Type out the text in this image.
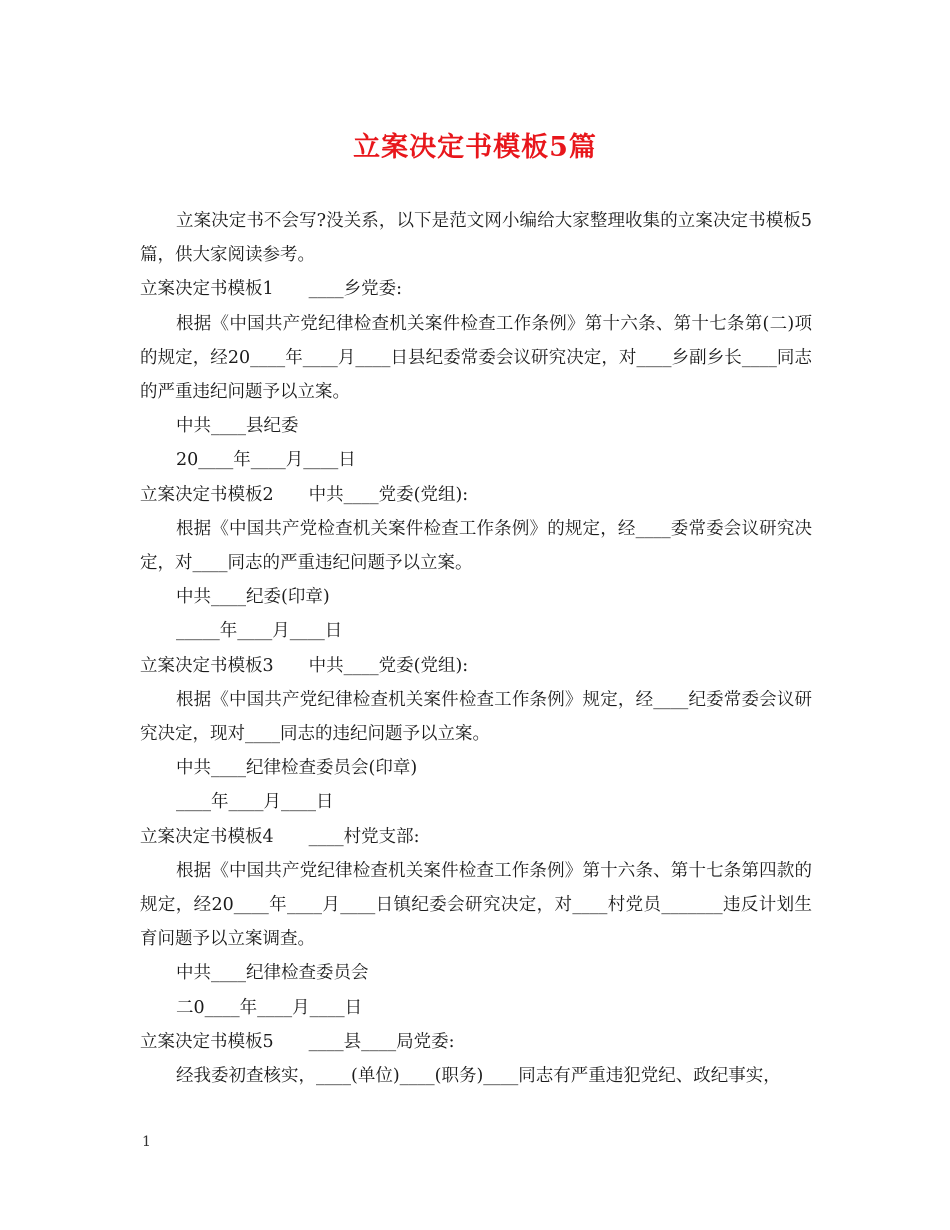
立案决定书模板5篇

立案决定书不会写?没关系，以下是范文网小编给大家整理收集的立案决定书模板5篇，供大家阅读参考。

立案决定书模板1　　____乡党委:

根据《中国共产党纪律检查机关案件检查工作条例》第十六条、第十七条第(二)项的规定，经20____年____月____日县纪委常委会议研究决定，对____乡副乡长____同志的严重违纪问题予以立案。

中共____县纪委

20____年____月____日

立案决定书模板2　　中共____党委(党组):

根据《中国共产党检查机关案件检查工作条例》的规定，经____委常委会议研究决定，对____同志的严重违纪问题予以立案。

中共____纪委(印章)

_____年____月____日

立案决定书模板3　　中共____党委(党组):

根据《中国共产党纪律检查机关案件检查工作条例》规定，经____纪委常委会议研究决定，现对____同志的违纪问题予以立案。

中共____纪律检查委员会(印章)

____年____月____日

立案决定书模板4　　____村党支部:

根据《中国共产党纪律检查机关案件检查工作条例》第十六条、第十七条第四款的规定，经20____年____月____日镇纪委会研究决定，对____村党员_______违反计划生育问题予以立案调查。

中共____纪律检查委员会

二0____年____月____日

立案决定书模板5　　____县____局党委:

经我委初查核实，____(单位)____(职务)____同志有严重违犯党纪、政纪事实，

1
